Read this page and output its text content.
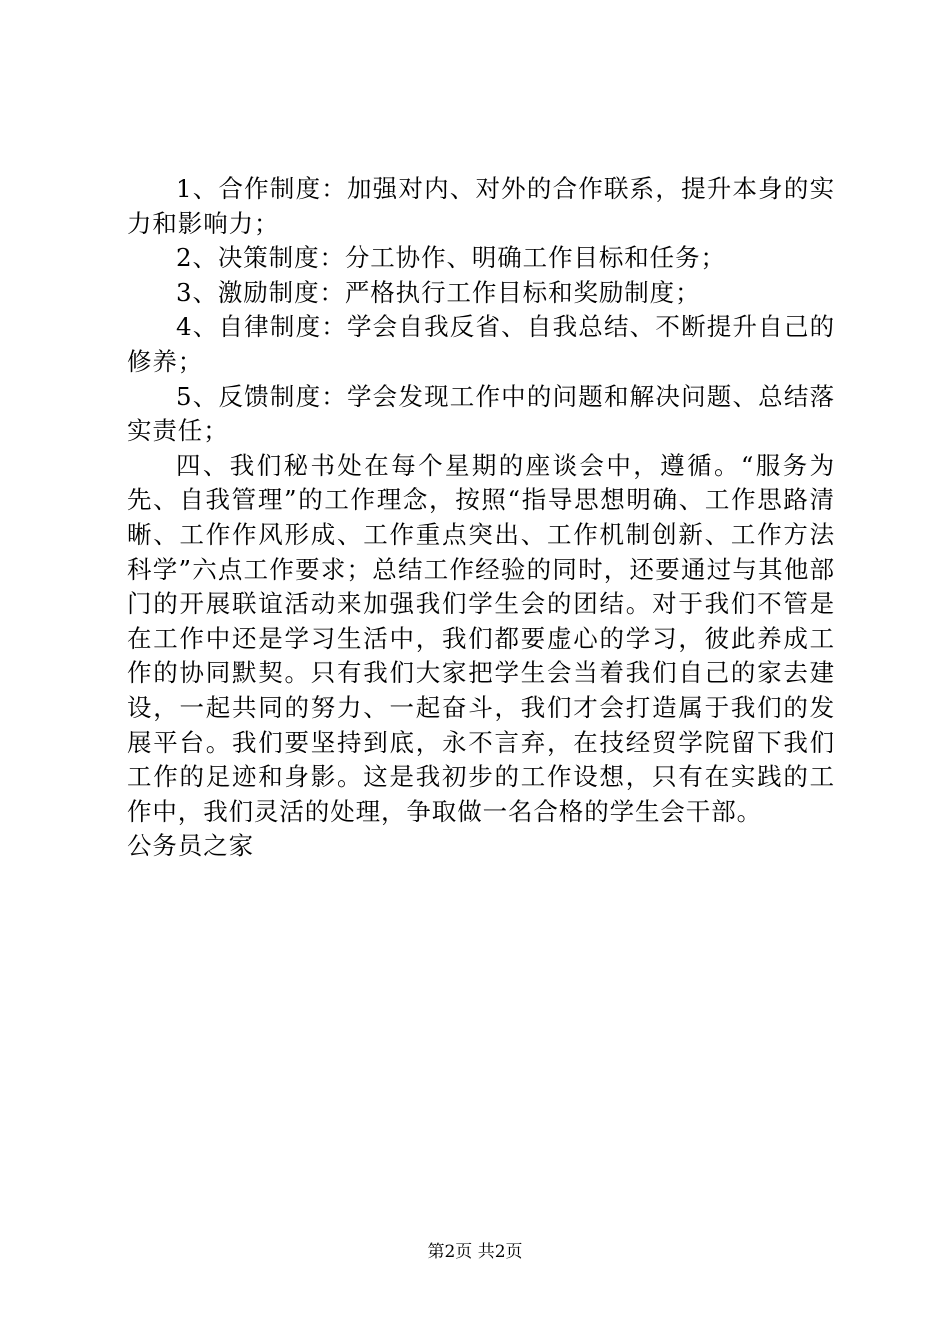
1、合作制度：加强对内、对外的合作联系，提升本身的实力和影响力；

2、决策制度：分工协作、明确工作目标和任务；

3、激励制度：严格执行工作目标和奖励制度；

4、自律制度：学会自我反省、自我总结、不断提升自己的修养；

5、反馈制度：学会发现工作中的问题和解决问题、总结落实责任；

四、我们秘书处在每个星期的座谈会中，遵循。“服务为先、自我管理”的工作理念，按照“指导思想明确、工作思路清晰、工作作风形成、工作重点突出、工作机制创新、工作方法科学”六点工作要求；总结工作经验的同时，还要通过与其他部门的开展联谊活动来加强我们学生会的团结。对于我们不管是在工作中还是学习生活中，我们都要虚心的学习，彼此养成工作的协同默契。只有我们大家把学生会当着我们自己的家去建设，一起共同的努力、一起奋斗，我们才会打造属于我们的发展平台。我们要坚持到底，永不言弃，在技经贸学院留下我们工作的足迹和身影。这是我初步的工作设想，只有在实践的工作中，我们灵活的处理，争取做一名合格的学生会干部。

公务员之家

第2页 共2页
